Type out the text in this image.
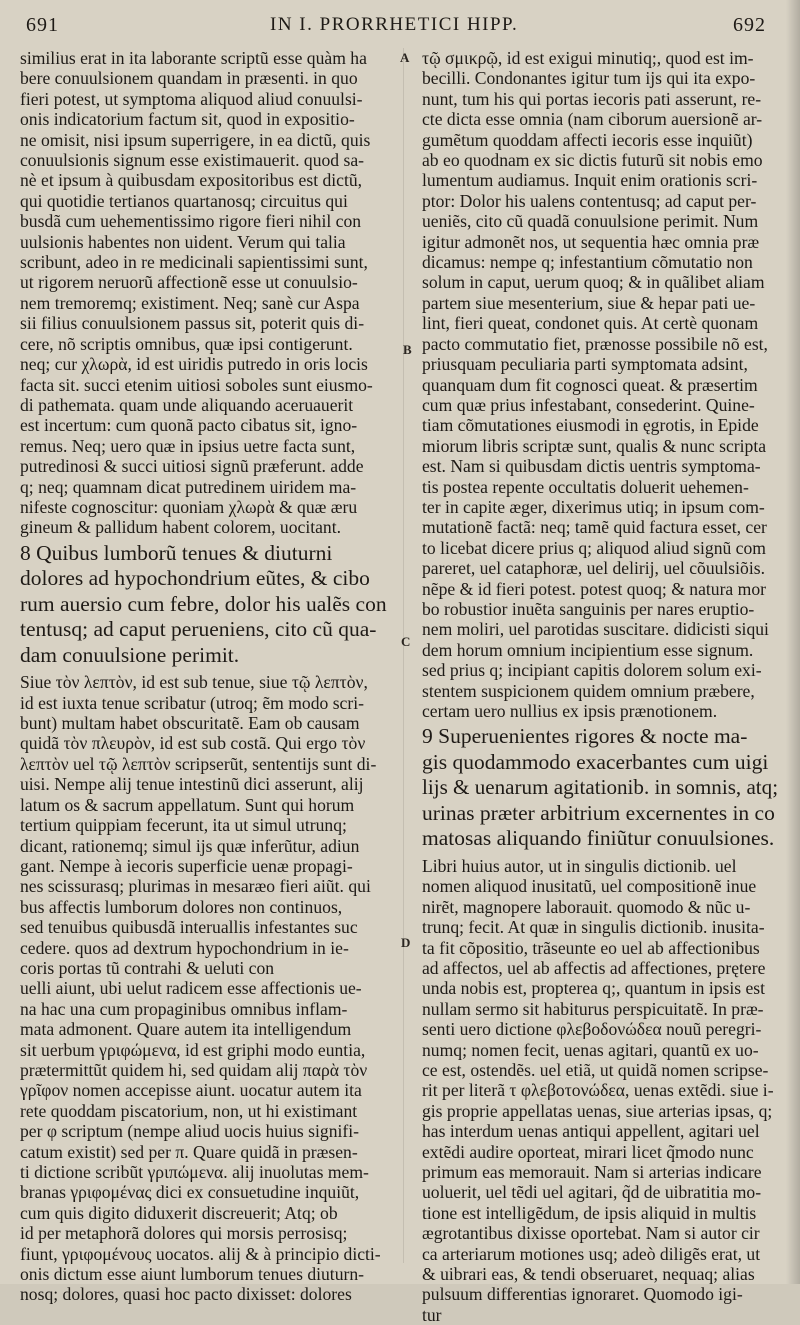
691	IN I. PRORRHETICI HIPP.	692
A
B
C
D
similius erat in ita laborante scriptũ esse quàm ha
bere conuulsionem quandam in præsenti. in quo
fieri potest, ut symptoma aliquod aliud conuulsi-
onis indicatorium factum sit, quod in expositio-
ne omisit, nisi ipsum superrigere, in ea dictũ, quis
conuulsionis signum esse existimauerit. quod sa-
nè et ipsum à quibusdam expositoribus est dictũ,
qui quotidie tertianos quartanosq; circuitus qui
busdã cum uehementissimo rigore fieri nihil con
uulsionis habentes non uident. Verum qui talia
scribunt, adeo in re medicinali sapientissimi sunt,
ut rigorem neruorũ affectionẽ esse ut conuulsio-
nem tremoremq; existiment. Neq; sanè cur Aspa
sii filius conuulsionem passus sit, poterit quis di-
cere, nõ scriptis omnibus, quæ ipsi contigerunt.
neq; cur χλωρὰ, id est uiridis putredo in oris locis
facta sit. succi etenim uitiosi soboles sunt eiusmo-
di pathemata. quam unde aliquando aceruauerit
est incertum: cum quonã pacto cibatus sit, igno-
remus. Neq; uero quæ in ipsius uetre facta sunt,
putredinosi & succi uitiosi signũ præferunt. adde
q; neq; quamnam dicat putredinem uiridem ma-
nifeste cognoscitur: quoniam χλωρὰ & quæ æru
gineum & pallidum habent colorem, uocitant.
8 Quibus lumborũ tenues & diuturni
dolores ad hypochondrium eũtes, & cibo
rum auersio cum febre, dolor his ualẽs con
tentusq; ad caput perueniens, cito cũ qua-
dam conuulsione perimit.
Siue τὸν λεπτὸν, id est sub tenue, siue τῷ λεπτὸν,
id est iuxta tenue scribatur (utroq; ẽm modo scri-
bunt) multam habet obscuritatẽ. Eam ob causam
quidã τὸν πλευρὸν, id est sub costã. Qui ergo τὸν
λεπτὸν uel τῷ λεπτὸν scripserũt, sententijs sunt di-
uisi. Nempe alij tenue intestinũ dici asserunt, alij
latum os & sacrum appellatum. Sunt qui horum
tertium quippiam fecerunt, ita ut simul utrunq;
dicant, rationemq; simul ijs quæ inferũtur, adiun
gant. Nempe à iecoris superficie uenæ propagi-
nes scissurasq; plurimas in mesaræo fieri aiũt. qui
bus affectis lumborum dolores non continuos,
sed tenuibus quibusdã interuallis infestantes suc
cedere. quos ad dextrum hypochondrium in ie-
coris portas tũ contrahi & ueluti con
uelli aiunt, ubi uelut radicem esse affectionis ue-
na hac una cum propaginibus omnibus inflam-
mata admonent. Quare autem ita intelligendum
sit uerbum γριφώμενα, id est griphi modo euntia,
prætermittũt quidem hi, sed quidam alij παρὰ τὸν
γρῖφον nomen accepisse aiunt. uocatur autem ita
rete quoddam piscatorium, non, ut hi existimant
per φ scriptum (nempe aliud uocis huius signifi-
catum existit) sed per π. Quare quidã in præsen-
ti dictione scribũt γριπώμενα. alij inuolutas mem-
branas γριφομένας dici ex consuetudine inquiũt,
cum quis digito diduxerit discreuerit; Atq; ob
id per metaphorã dolores qui morsis perrosisq;
fiunt, γριφομένους uocatos. alij & à principio dicti-
onis dictum esse aiunt lumborum tenues diuturn-
nosq; dolores, quasi hoc pacto dixisset: dolores
τῷ σμικρῷ, id est exigui minutiq;, quod est im-
becilli. Condonantes igitur tum ijs qui ita expo-
nunt, tum his qui portas iecoris pati asserunt, re-
cte dicta esse omnia (nam ciborum auersionẽ ar-
gumẽtum quoddam affecti iecoris esse inquiũt)
ab eo quodnam ex sic dictis futurũ sit nobis emo
lumentum audiamus. Inquit enim orationis scri-
ptor: Dolor his ualens contentusq; ad caput per-
ueniẽs, cito cũ quadã conuulsione perimit. Num
igitur admonẽt nos, ut sequentia hæc omnia præ
dicamus: nempe q; infestantium cõmutatio non
solum in caput, uerum quoq; & in quãlibet aliam
partem siue mesenterium, siue & hepar pati ue-
lint, fieri queat, condonet quis. At certè quonam
pacto commutatio fiet, prænosse possibile nõ est,
priusquam peculiaria parti symptomata adsint,
quanquam dum fit cognosci queat. & præsertim
cum quæ prius infestabant, consederint. Quine-
tiam cõmutationes eiusmodi in ęgrotis, in Epide
miorum libris scriptæ sunt, qualis & nunc scripta
est. Nam si quibusdam dictis uentris symptoma-
tis postea repente occultatis doluerit uehemen-
ter in capite æger, dixerimus utiq; in ipsum com-
mutationẽ factã: neq; tamẽ quid factura esset, cer
to licebat dicere prius q; aliquod aliud signũ com
pareret, uel cataphoræ, uel delirij, uel cõuulsiõis.
nẽpe & id fieri potest. potest quoq; & natura mor
bo robustior inuẽta sanguinis per nares eruptio-
nem moliri, uel parotidas suscitare. didicisti siqui
dem horum omnium incipientium esse signum.
sed prius q; incipiant capitis dolorem solum exi-
stentem suspicionem quidem omnium præbere,
certam uero nullius ex ipsis prænotionem.
9 Superuenientes rigores & nocte ma-
gis quodammodo exacerbantes cum uigi
lijs & uenarum agitationib. in somnis, atq;
urinas præter arbitrium excernentes in co
matosas aliquando finiũtur conuulsiones.
Libri huius autor, ut in singulis dictionib. uel
nomen aliquod inusitatũ, uel compositionẽ inue
nirẽt, magnopere laborauit. quomodo & nũc u-
trunq; fecit. At quæ in singulis dictionib. inusita-
ta fit cõpositio, trãseunte eo uel ab affectionibus
ad affectos, uel ab affectis ad affectiones, prętere
unda nobis est, propterea q;, quantum in ipsis est
nullam sermo sit habiturus perspicuitatẽ. In præ-
senti uero dictione φλεβοδονώδεα nouũ peregri-
numq; nomen fecit, uenas agitari, quantũ ex uo-
ce est, ostendẽs. uel etiã, ut quidã nomen scripse-
rit per literã τ φλεβοτονώδεα, uenas extẽdi. siue i-
gis proprie appellatas uenas, siue arterias ipsas, q;
has interdum uenas antiqui appellent, agitari uel
extẽdi audire oporteat, mirari licet q̃modo nunc
primum eas memorauit. Nam si arterias indicare
uoluerit, uel tẽdi uel agitari, q̃d de uibratitia mo-
tione est intelligẽdum, de ipsis aliquid in multis
ægrotantibus dixisse oportebat. Nam si autor cir
ca arteriarum motiones usq; adeò diligẽs erat, ut
& uibrari eas, & tendi obseruaret, nequaq; alias
pulsuum differentias ignoraret. Quomodo igi-
tur
